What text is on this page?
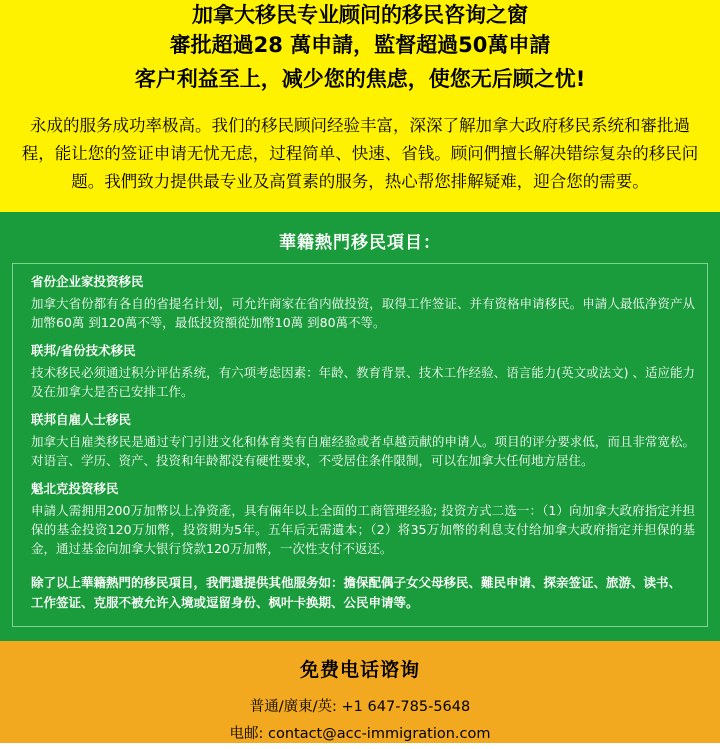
加拿大移民专业顾问的移民咨询之窗
審批超過28 萬申請，監督超過50萬申請
客户利益至上，减少您的焦虑，使您无后顾之忧!
永成的服务成功率极高。我们的移民顾问经验丰富，深深了解加拿大政府移民系统和審批過程，能让您的签证申请无忧无虑，过程简单、快速、省钱。顾问們擅长解决错综复杂的移民问题。我們致力提供最专业及高質素的服务，热心帮您排解疑难，迎合您的需要。
華籍熱門移民項目：
省份企业家投资移民
加拿大省份都有各自的省提名计划，可允许商家在省内做投资，取得工作签证、并有资格申请移民。申請人最低净资产从加幣60萬 到120萬不等，最低投资額從加幣10萬 到80萬不等。
联邦/省份技术移民
技术移民必须通过积分评估系统，有六项考虑因素：年龄、教育背景、技术工作经验、语言能力(英文或法文) 、适应能力及在加拿大是否已安排工作。
联邦自雇人士移民
加拿大自雇类移民是通过专门引进文化和体育类有自雇经验或者卓越贡献的申请人。项目的评分要求低，而且非常宽松。对语言、学历、资产、投资和年龄都没有硬性要求，不受居住条件限制，可以在加拿大任何地方居住。
魁北克投资移民
申請人需拥用200万加幣以上净资產，具有倆年以上全面的工商管理经验; 投资方式二选一：（1）向加拿大政府指定并担保的基金投资120万加幣，投资期为5年。五年后无需遺本；（2）将35万加幣的利息支付给加拿大政府指定并担保的基金，通过基金向加拿大银行贷款120万加幣，一次性支付不返还。
除了以上華籍熱門的移民項目，我們還提供其他服务如：擔保配偶子女父母移民、難民申请、探亲签证、旅游、读书、 工作签证、克服不被允许入境或逗留身份、枫叶卡换期、公民申请等。
免费电话谘询
普通/廣東/英: +1 647-785-5648
电邮: contact@acc-immigration.com
